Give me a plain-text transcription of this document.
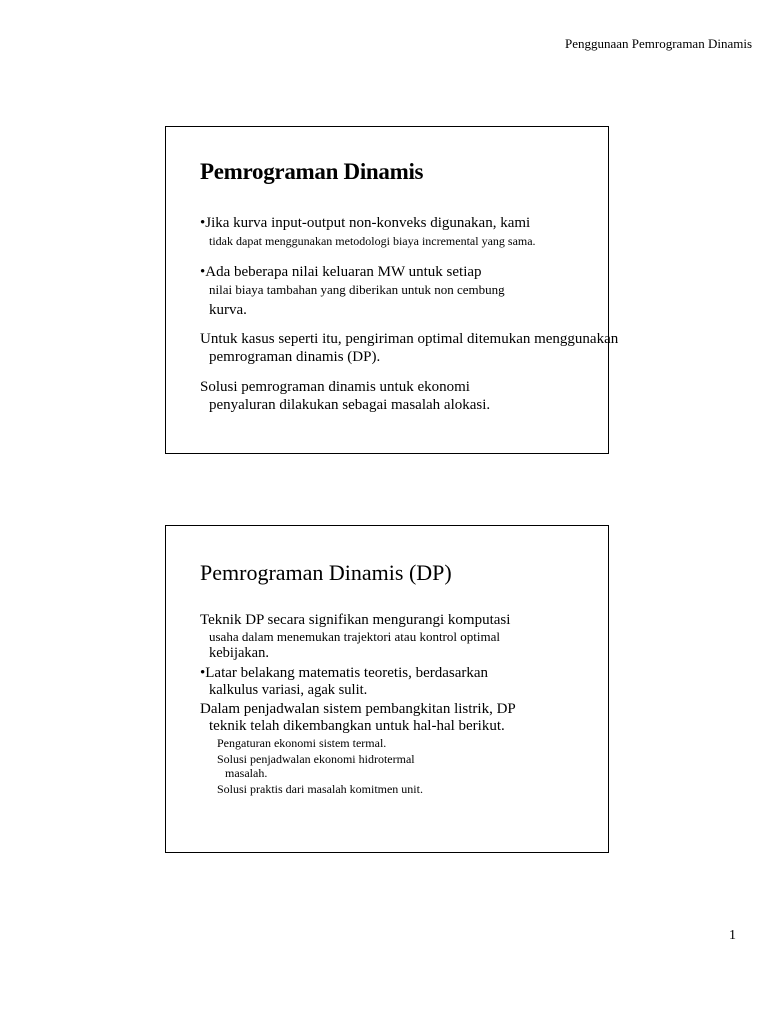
Penggunaan Pemrograman Dinamis
Pemrograman Dinamis
•Jika kurva input-output non-konveks digunakan, kami
tidak dapat menggunakan metodologi biaya incremental yang sama.
•Ada beberapa nilai keluaran MW untuk setiap
nilai biaya tambahan yang diberikan untuk non cembung
kurva.
Untuk kasus seperti itu, pengiriman optimal ditemukan menggunakan
pemrograman dinamis (DP).
Solusi pemrograman dinamis untuk ekonomi
penyaluran dilakukan sebagai masalah alokasi.
Pemrograman Dinamis (DP)
Teknik DP secara signifikan mengurangi komputasi
usaha dalam menemukan trajektori atau kontrol optimal
kebijakan.
•Latar belakang matematis teoretis, berdasarkan
kalkulus variasi, agak sulit.
Dalam penjadwalan sistem pembangkitan listrik, DP
teknik telah dikembangkan untuk hal-hal berikut.
Pengaturan ekonomi sistem termal.
Solusi penjadwalan ekonomi hidrotermal
masalah.
Solusi praktis dari masalah komitmen unit.
1
